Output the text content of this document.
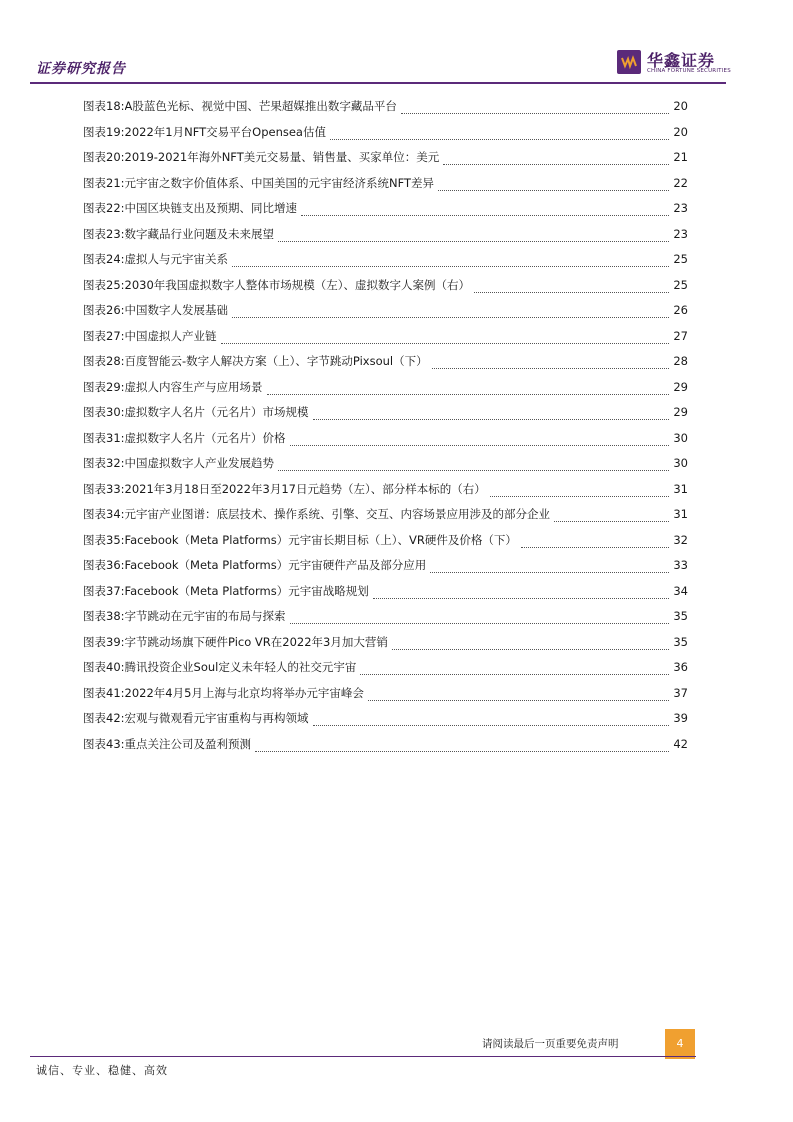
证券研究报告	华鑫证券
CHINA FORTUNE SECURITIES
图表18: A股蓝色光标、视觉中国、芒果超媒推出数字藏品平台	20
图表19: 2022年1月NFT交易平台Opensea估值	20
图表20: 2019-2021年海外NFT美元交易量、销售量、买家单位：美元	21
图表21: 元宇宙之数字价值体系、中国美国的元宇宙经济系统NFT差异	22
图表22: 中国区块链支出及预期、同比增速	23
图表23: 数字藏品行业问题及未来展望	23
图表24: 虚拟人与元宇宙关系	25
图表25: 2030年我国虚拟数字人整体市场规模（左）、虚拟数字人案例（右）	25
图表26: 中国数字人发展基础	26
图表27: 中国虚拟人产业链	27
图表28: 百度智能云-数字人解决方案（上）、字节跳动Pixsoul（下）	28
图表29: 虚拟人内容生产与应用场景	29
图表30: 虚拟数字人名片（元名片）市场规模	29
图表31: 虚拟数字人名片（元名片）价格	30
图表32: 中国虚拟数字人产业发展趋势	30
图表33: 2021年3月18日至2022年3月17日元趋势（左）、部分样本标的（右）	31
图表34: 元宇宙产业图谱：底层技术、操作系统、引擎、交互、内容场景应用涉及的部分企业	31
图表35: Facebook（Meta Platforms）元宇宙长期目标（上）、VR硬件及价格（下）	32
图表36: Facebook（Meta Platforms）元宇宙硬件产品及部分应用	33
图表37: Facebook（Meta Platforms）元宇宙战略规划	34
图表38: 字节跳动在元宇宙的布局与探索	35
图表39: 字节跳动场旗下硬件Pico VR在2022年3月加大营销	35
图表40: 腾讯投资企业Soul定义未年轻人的社交元宇宙	36
图表41: 2022年4月5月上海与北京均将举办元宇宙峰会	37
图表42: 宏观与微观看元宇宙重构与再构领域	39
图表43: 重点关注公司及盈利预测	42
请阅读最后一页重要免责声明	4
诚信、专业、稳健、高效
